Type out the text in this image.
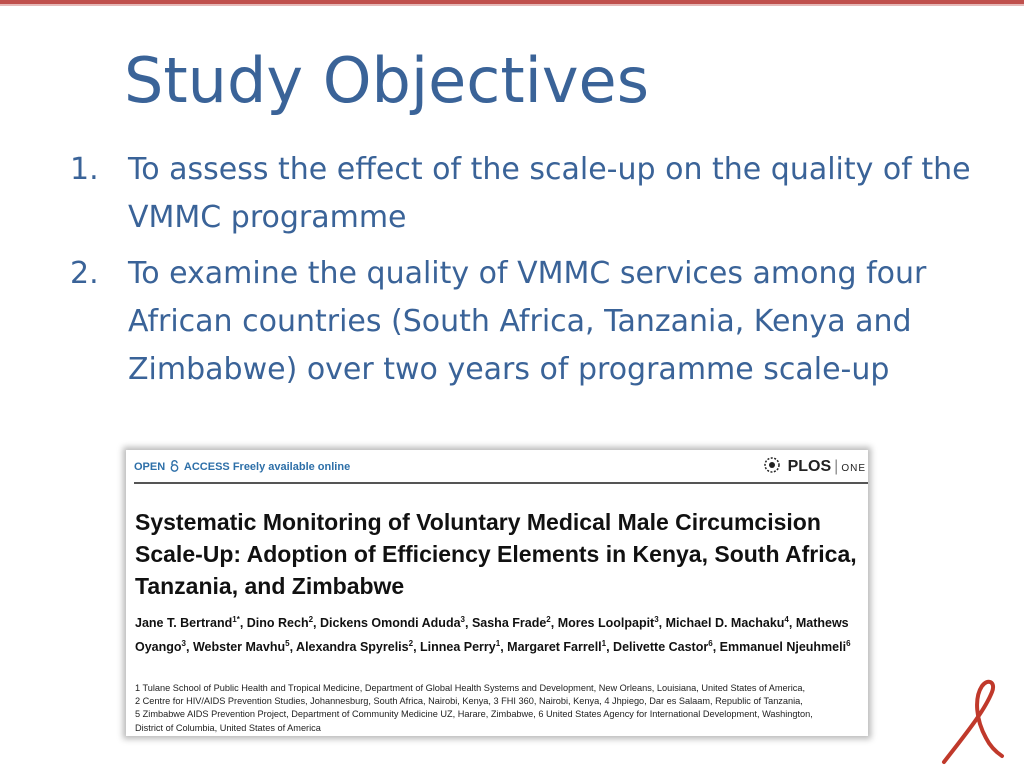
Study Objectives
1. To assess the effect of the scale-up on the quality of the VMMC programme
2. To examine the quality of VMMC services among four African countries (South Africa, Tanzania, Kenya and Zimbabwe) over two years of programme scale-up
OPEN ACCESS Freely available online	PLOS | ONE
Systematic Monitoring of Voluntary Medical Male Circumcision Scale-Up: Adoption of Efficiency Elements in Kenya, South Africa, Tanzania, and Zimbabwe
Jane T. Bertrand$^{1*}$, Dino Rech$^2$, Dickens Omondi Aduda$^3$, Sasha Frade$^2$, Mores Loolpapit$^3$, Michael D. Machaku$^4$, Mathews Oyango$^3$, Webster Mavhu$^5$, Alexandra Spyrelis$^2$, Linnea Perry$^1$, Margaret Farrell$^1$, Delivette Castor$^6$, Emmanuel Njeuhmeli$^6$
1 Tulane School of Public Health and Tropical Medicine, Department of Global Health Systems and Development, New Orleans, Louisiana, United States of America,
2 Centre for HIV/AIDS Prevention Studies, Johannesburg, South Africa, Nairobi, Kenya, 3 FHI 360, Nairobi, Kenya, 4 Jhpiego, Dar es Salaam, Republic of Tanzania,
5 Zimbabwe AIDS Prevention Project, Department of Community Medicine UZ, Harare, Zimbabwe, 6 United States Agency for International Development, Washington,
District of Columbia, United States of America
